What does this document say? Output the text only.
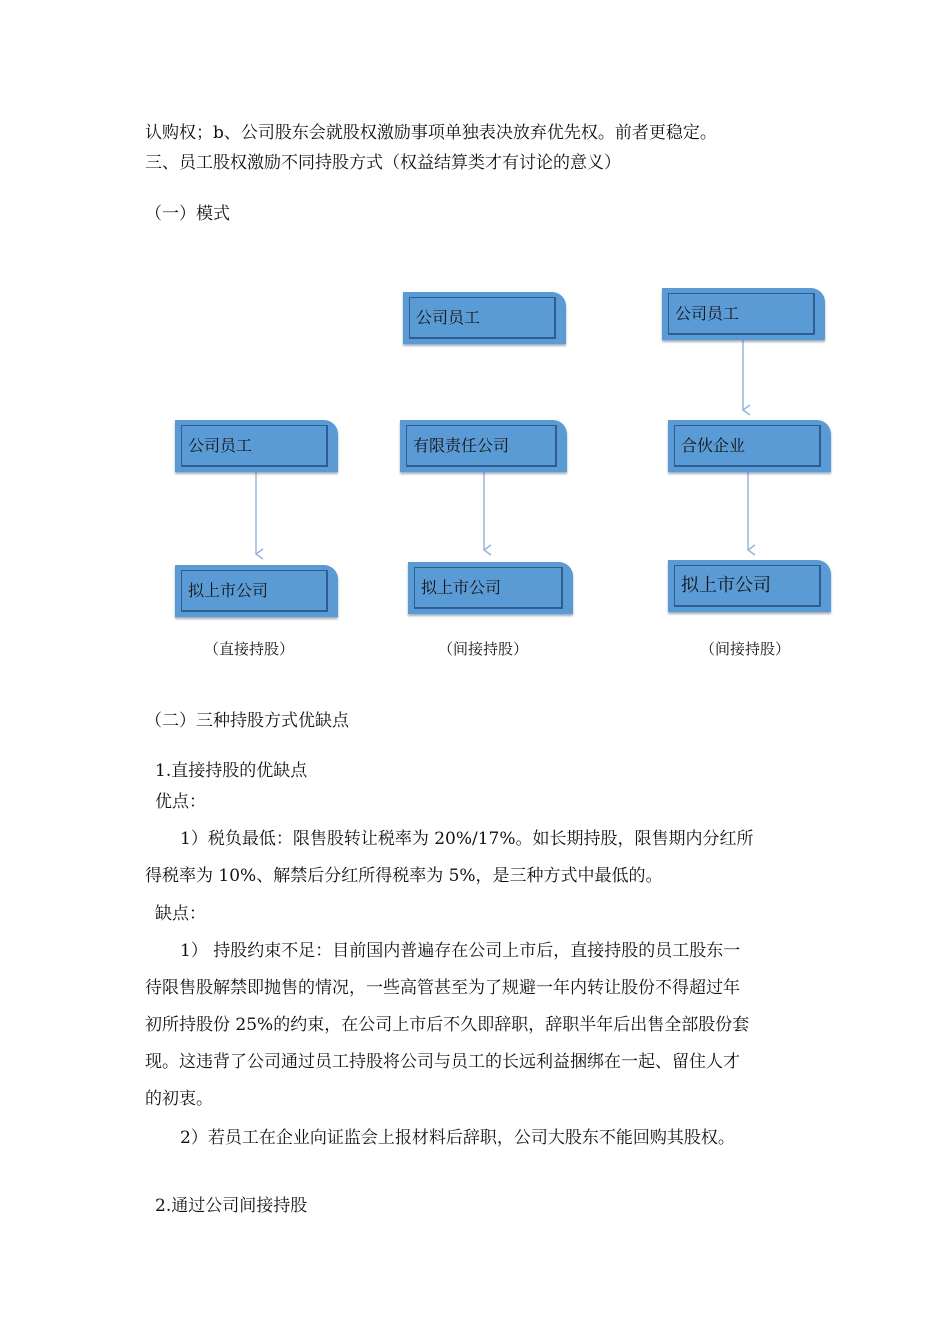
认购权；b、公司股东会就股权激励事项单独表决放弃优先权。前者更稳定。
三、员工股权激励不同持股方式（权益结算类才有讨论的意义）
（一）模式
公司员工
拟上市公司
（直接持股）
公司员工
有限责任公司
拟上市公司
（间接持股）
公司员工
合伙企业
拟上市公司
（间接持股）
（二）三种持股方式优缺点
1.直接持股的优缺点
优点：
1）税负最低：限售股转让税率为 20%/17%。如长期持股，限售期内分红所
得税率为 10%、解禁后分红所得税率为 5%，是三种方式中最低的。
缺点：
1） 持股约束不足：目前国内普遍存在公司上市后，直接持股的员工股东一
待限售股解禁即抛售的情况，一些高管甚至为了规避一年内转让股份不得超过年
初所持股份 25%的约束，在公司上市后不久即辞职，辞职半年后出售全部股份套
现。这违背了公司通过员工持股将公司与员工的长远利益捆绑在一起、留住人才
的初衷。
2）若员工在企业向证监会上报材料后辞职，公司大股东不能回购其股权。
2.通过公司间接持股
